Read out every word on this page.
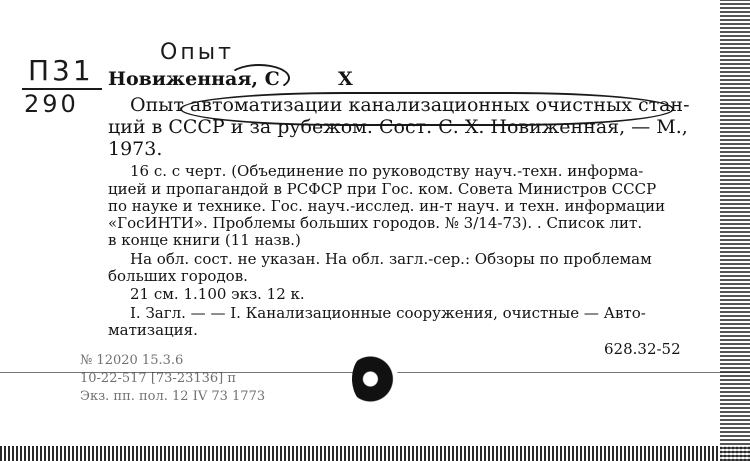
Опыт
П31
290
Новиженная, С	Х
Опыт автоматизации канализационных очистных стан-
ций в СССР и за рубежом. Сост. С. Х. Новиженная, — М.,
1973.
16 с. с черт. (Объединение по руководству науч.-техн. информа-
цией и пропагандой в РСФСР при Гос. ком. Совета Министров СССР
по науке и технике. Гос. науч.-исслед. ин-т науч. и техн. информации
«ГосИНТИ». Проблемы больших городов. № 3/14-73). . Список лит.
в конце книги (11 назв.)
На обл. сост. не указан. На обл. загл.-сер.: Обзоры по проблемам
больших городов.
21 см. 1.100 экз. 12 к.
I. Загл. — — I. Канализационные сооружения, очистные — Авто-
матизация.
628.32-52
№ 12020 15.3.6
10-22-517 [73-23136] п
Экз. пп. пол. 12 IV 73 1773
